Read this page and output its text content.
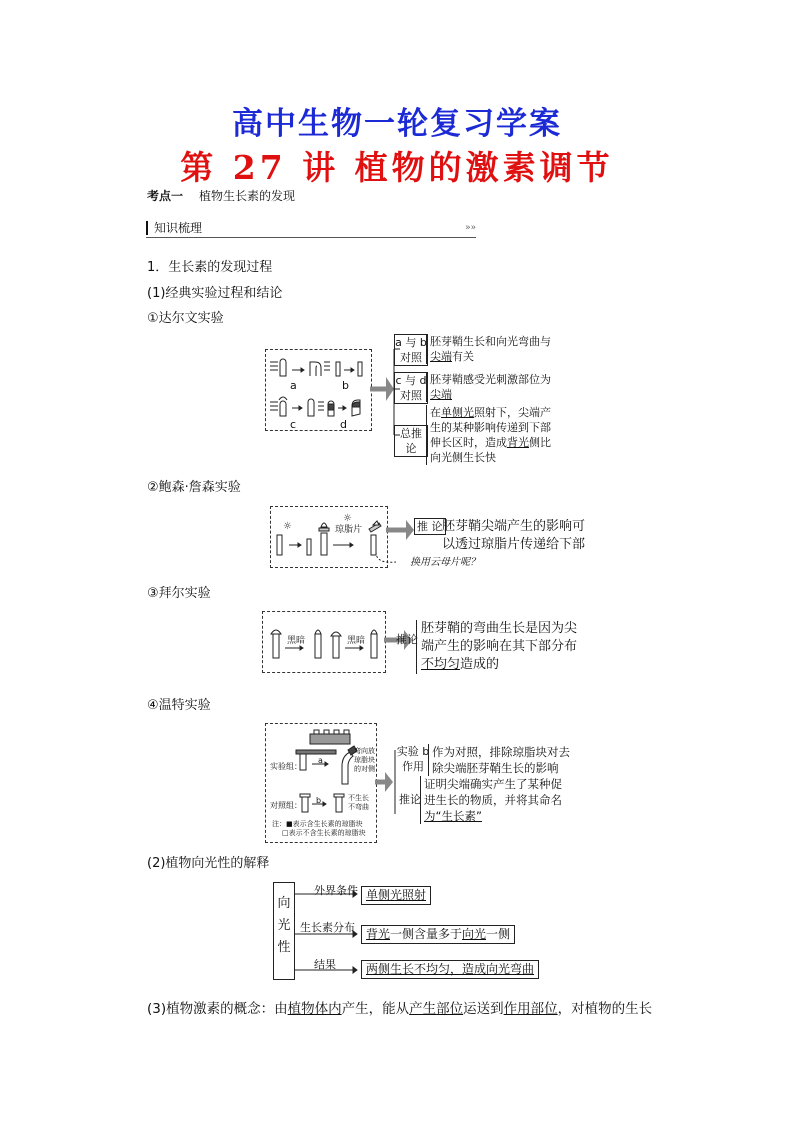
高中生物一轮复习学案
第 27 讲 植物的激素调节
考点一 植物生长素的发现
知识梳理	»»
1．生长素的发现过程
(1)经典实验过程和结论
①达尔文实验
a	b
c	d
a 与 b
对照
胚芽鞘生长和向光弯曲与
尖端有关
c 与 d
对照
胚芽鞘感受光刺激部位为
尖端
总推论
在单侧光照射下，尖端产
生的某种影响传递到下部
伸长区时，造成背光侧比
向光侧生长快
②鲍森·詹森实验
☼
☼
琼脂片	推 论 胚芽鞘尖端产生的影响可
以透过琼脂片传递给下部
换用云母片呢？
③拜尔实验
黑暗	黑暗	推论
胚芽鞘的弯曲生长是因为尖
端产生的影响在其下部分布
不均匀造成的
④温特实验
实验组：
a
弯向放
琼脂块
的对侧
对照组：
b	不生长
不弯曲
注：■表示含生长素的琼脂块
□表示不含生长素的琼脂块
实验 b
作用
作为对照，排除琼脂块对去
除尖端胚芽鞘生长的影响
推论
证明尖端确实产生了某种促
进生长的物质，并将其命名
为“生长素”
(2)植物向光性的解释
向
光
性
外界条件 单侧光照射
生长素分布 背光一侧含量多于向光一侧
结果	两侧生长不均匀，造成向光弯曲
(3)植物激素的概念：由植物体内产生，能从产生部位运送到作用部位，对植物的生长
